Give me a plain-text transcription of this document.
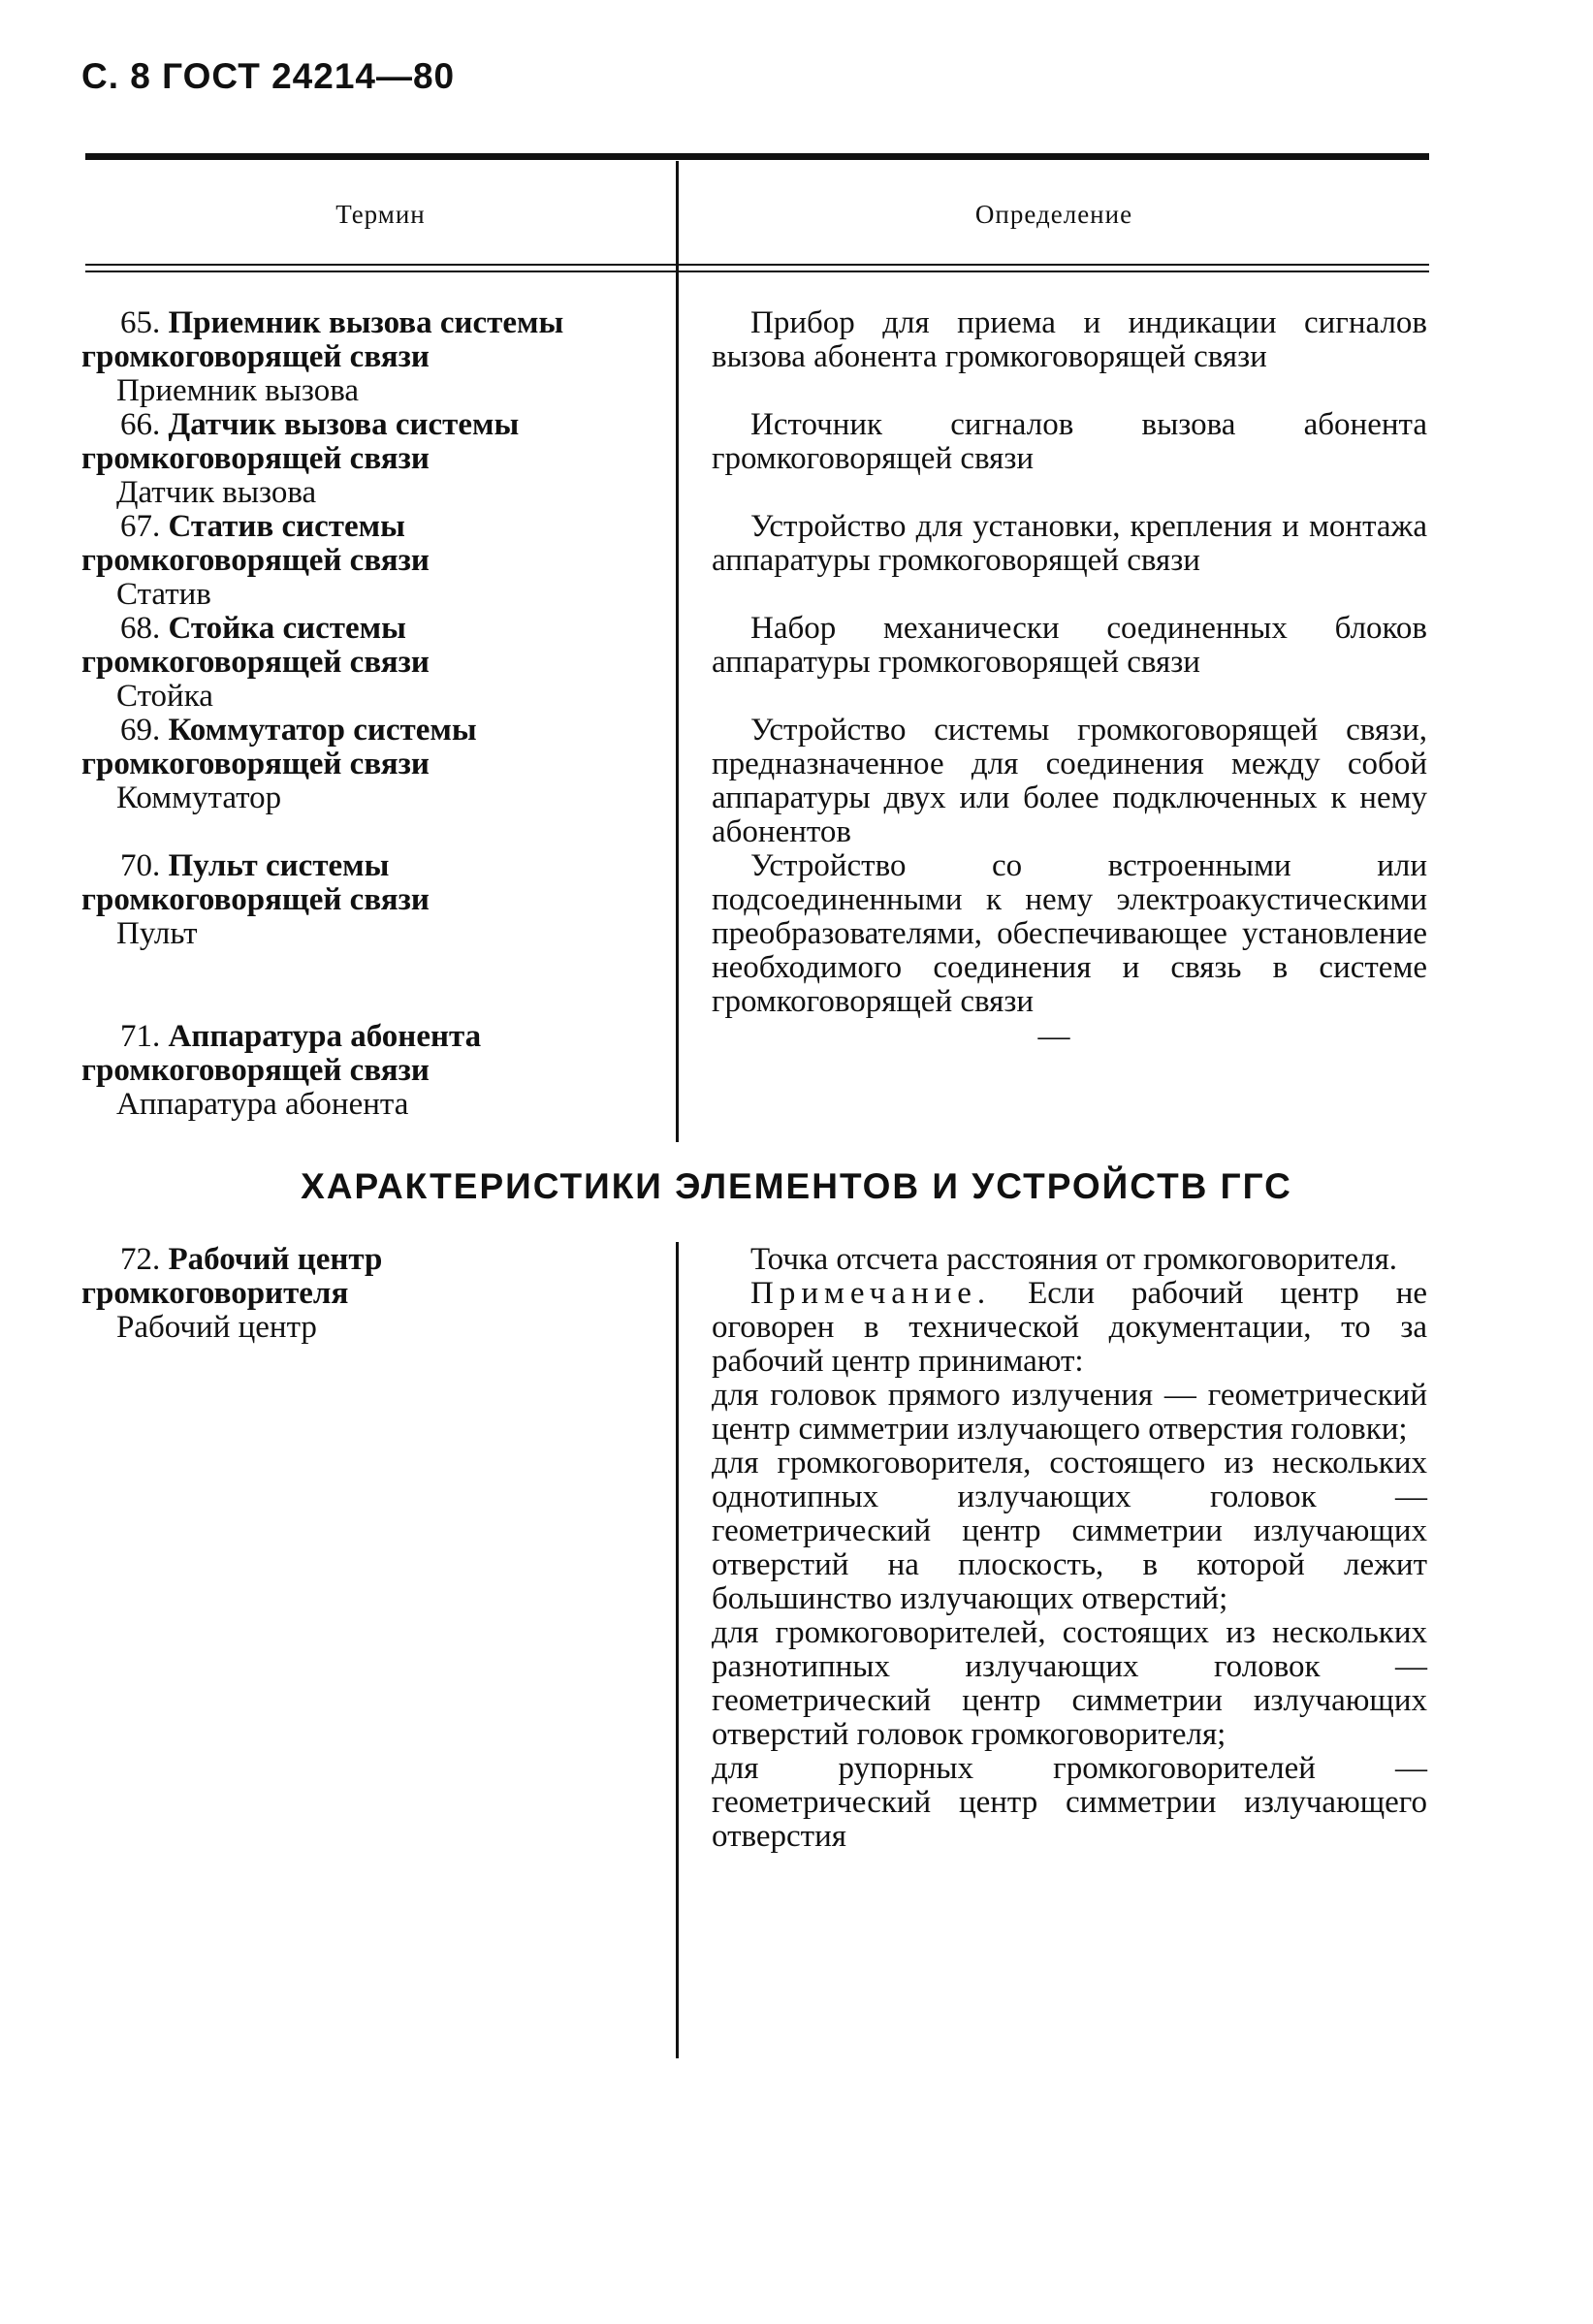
С. 8 ГОСТ 24214—80
Термин	Определение
65. Приемник вызова системы громкоговорящей связи
Приемник вызова
Прибор для приема и индикации сигналов вызова абонента громкоговорящей связи
66. Датчик вызова системы громкоговорящей связи
Датчик вызова
Источник сигналов вызова абонента громкоговорящей связи
67. Статив системы громкоговорящей связи
Статив
Устройство для установки, крепления и монтажа аппаратуры громкоговорящей связи
68. Стойка системы громкоговорящей связи
Стойка
Набор механически соединенных блоков аппаратуры громкоговорящей связи
69. Коммутатор системы громкоговорящей связи
Коммутатор
Устройство системы громкоговорящей связи, предназначенное для соединения между собой аппаратуры двух или более подключенных к нему абонентов
70. Пульт системы громкоговорящей связи
Пульт
Устройство со встроенными или подсоединенными к нему электроакустическими преобразователями, обеспечивающее установление необходимого соединения и связь в системе громкоговорящей связи
71. Аппаратура абонента громкоговорящей связи
Аппаратура абонента
—
ХАРАКТЕРИСТИКИ ЭЛЕМЕНТОВ И УСТРОЙСТВ ГГС
72. Рабочий центр громкоговорителя
Рабочий центр
Точка отсчета расстояния от громкоговорителя.
Примечание. Если рабочий центр не оговорен в технической документации, то за рабочий центр принимают:
для головок прямого излучения — геометрический центр симметрии излучающего отверстия головки;
для громкоговорителя, состоящего из нескольких однотипных излучающих головок — геометрический центр симметрии излучающих отверстий на плоскость, в которой лежит большинство излучающих отверстий;
для громкоговорителей, состоящих из нескольких разнотипных излучающих головок — геометрический центр симметрии излучающих отверстий головок громкоговорителя;
для рупорных громкоговорителей — геометрический центр симметрии излучающего отверстия
